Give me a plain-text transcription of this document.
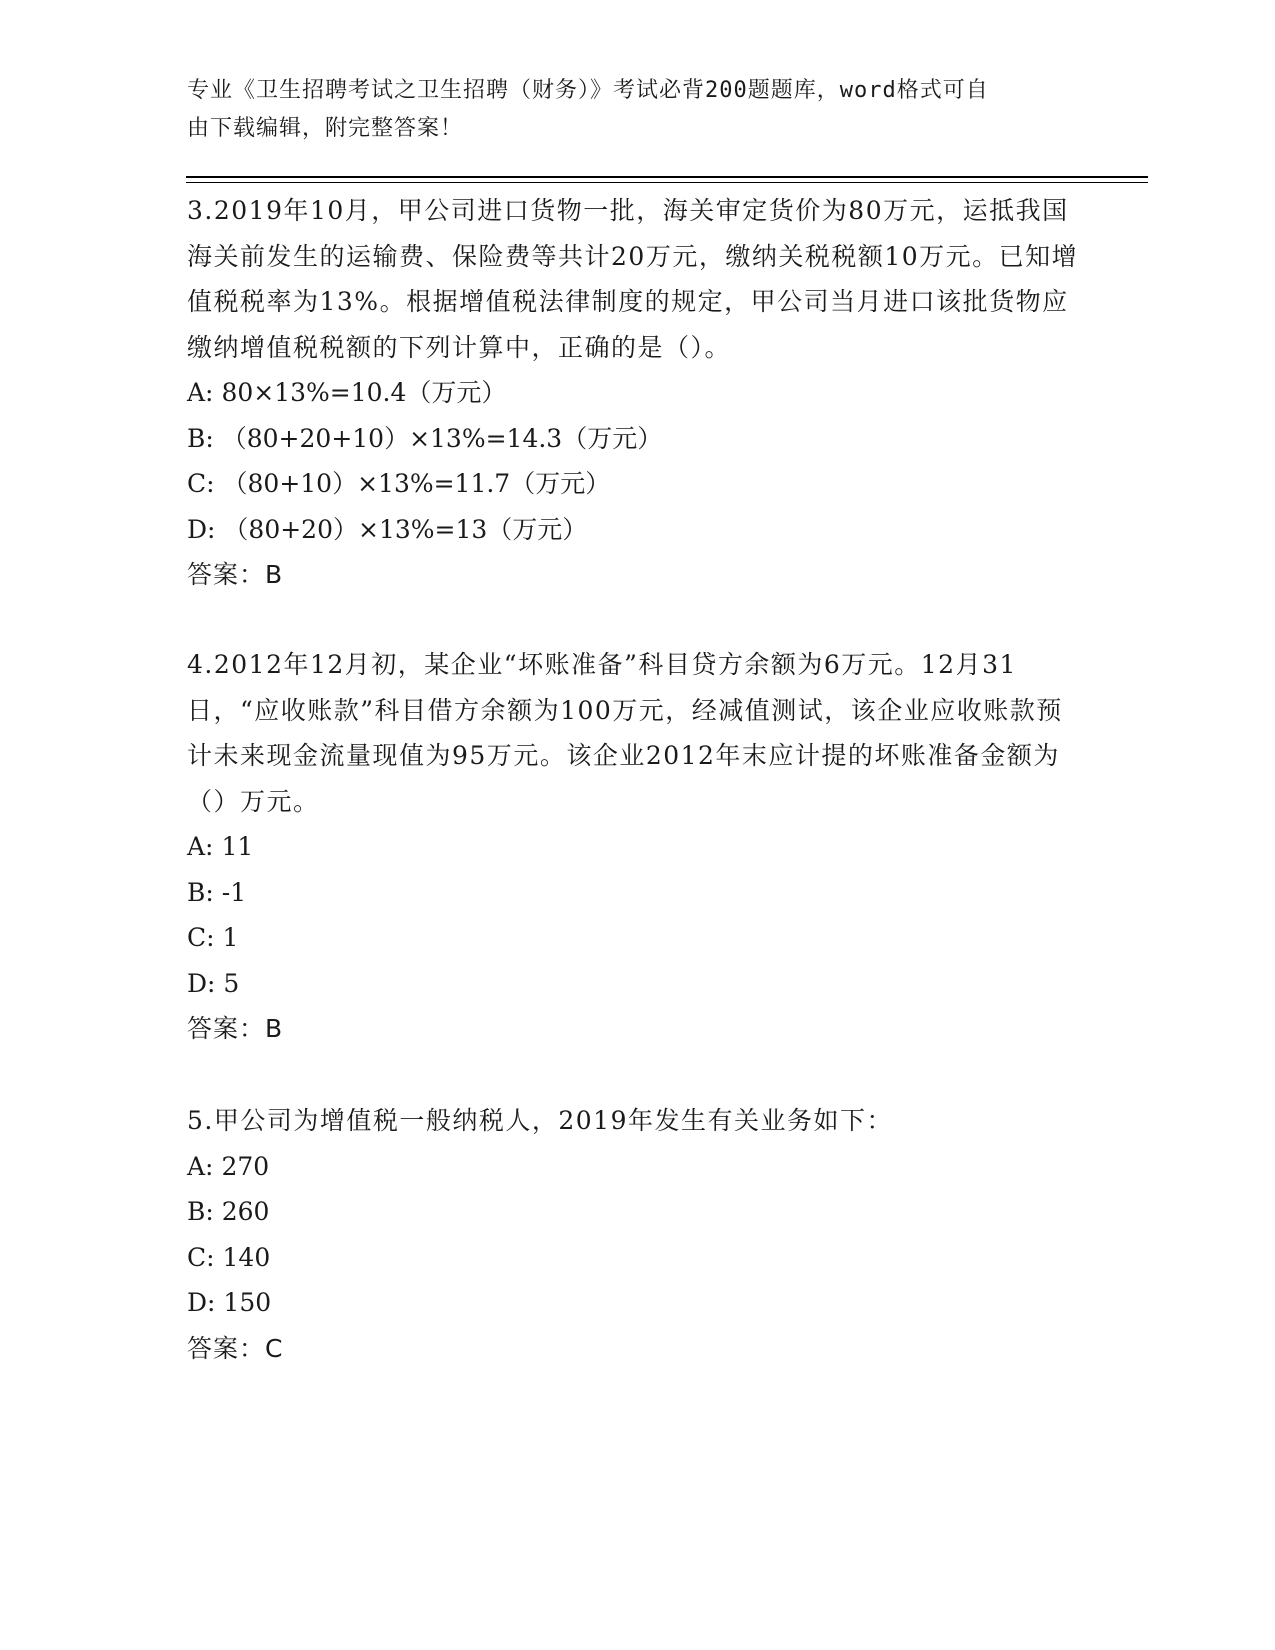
专业《卫生招聘考试之卫生招聘（财务）》考试必背200题题库，word格式可自
由下载编辑，附完整答案！

3.2019年10月，甲公司进口货物一批，海关审定货价为80万元，运抵我国海关前发生的运输费、保险费等共计20万元，缴纳关税税额10万元。已知增值税税率为13%。根据增值税法律制度的规定，甲公司当月进口该批货物应缴纳增值税税额的下列计算中，正确的是（）。

A: 80×13%=10.4（万元）
B: （80+20+10）×13%=14.3（万元）
C: （80+10）×13%=11.7（万元）
D: （80+20）×13%=13（万元）
答案：B

4.2012年12月初，某企业“坏账准备”科目贷方余额为6万元。12月31日，“应收账款”科目借方余额为100万元，经减值测试，该企业应收账款预计未来现金流量现值为95万元。该企业2012年末应计提的坏账准备金额为（）万元。

A: 11
B: -1
C: 1
D: 5
答案：B

5.甲公司为增值税一般纳税人，2019年发生有关业务如下：

A: 270
B: 260
C: 140
D: 150
答案：C
